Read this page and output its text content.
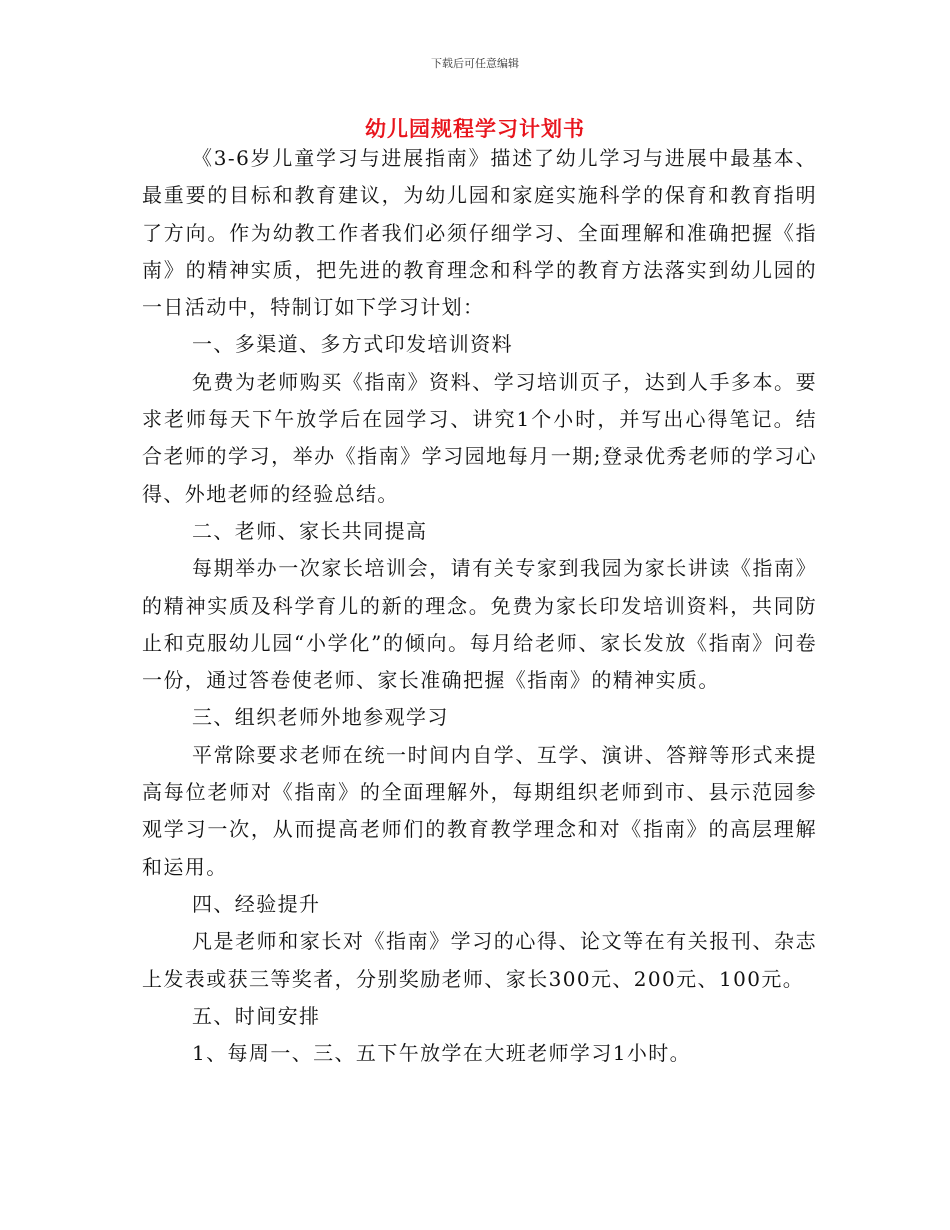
下载后可任意编辑
幼儿园规程学习计划书

《3-6岁儿童学习与进展指南》描述了幼儿学习与进展中最基本、最重要的目标和教育建议，为幼儿园和家庭实施科学的保育和教育指明了方向。作为幼教工作者我们必须仔细学习、全面理解和准确把握《指南》的精神实质，把先进的教育理念和科学的教育方法落实到幼儿园的一日活动中，特制订如下学习计划：

一、多渠道、多方式印发培训资料

免费为老师购买《指南》资料、学习培训页子，达到人手多本。要求老师每天下午放学后在园学习、讲究1个小时，并写出心得笔记。结合老师的学习，举办《指南》学习园地每月一期;登录优秀老师的学习心得、外地老师的经验总结。

二、老师、家长共同提高

每期举办一次家长培训会，请有关专家到我园为家长讲读《指南》的精神实质及科学育儿的新的理念。免费为家长印发培训资料，共同防止和克服幼儿园“小学化”的倾向。每月给老师、家长发放《指南》问卷一份，通过答卷使老师、家长准确把握《指南》的精神实质。

三、组织老师外地参观学习

平常除要求老师在统一时间内自学、互学、演讲、答辩等形式来提高每位老师对《指南》的全面理解外，每期组织老师到市、县示范园参观学习一次，从而提高老师们的教育教学理念和对《指南》的高层理解和运用。

四、经验提升

凡是老师和家长对《指南》学习的心得、论文等在有关报刊、杂志上发表或获三等奖者，分别奖励老师、家长300元、200元、100元。

五、时间安排

1、每周一、三、五下午放学在大班老师学习1小时。
